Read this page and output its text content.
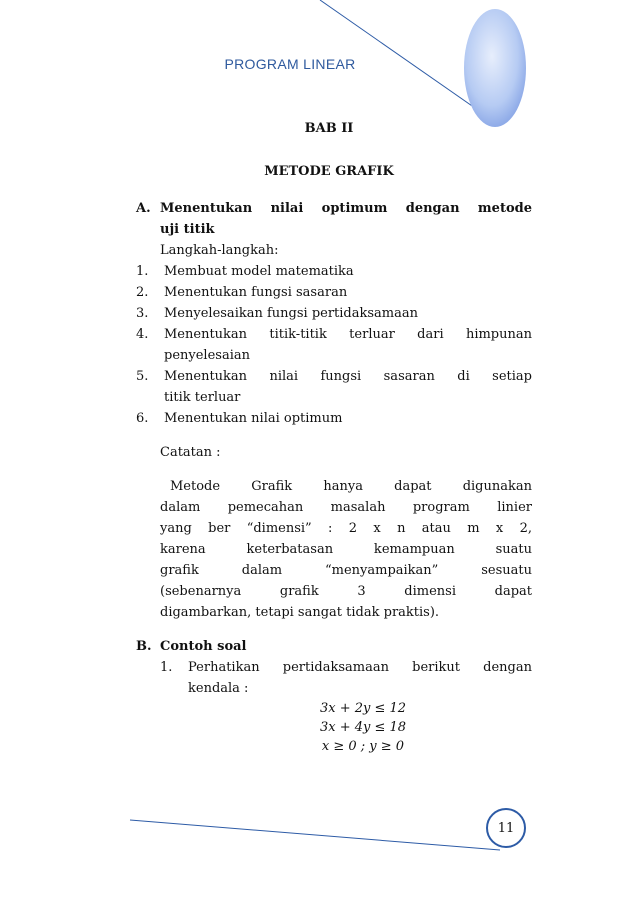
PROGRAM LINEAR
BAB II
METODE GRAFIK
A. Menentukan nilai optimum dengan metode
uji titik
Langkah-langkah:
1.	Membuat model matematika
2.	Menentukan fungsi sasaran
3.	Menyelesaikan fungsi pertidaksamaan
4.	Menentukan titik-titik terluar dari himpunan
penyelesaian
5.	Menentukan nilai fungsi sasaran di setiap
titik terluar
6.	Menentukan nilai optimum
Catatan :
Metode Grafik hanya dapat digunakan
dalam pemecahan masalah program linier
yang ber “dimensi” : 2 x n atau m x 2,
karena keterbatasan kemampuan suatu
grafik dalam “menyampaikan” sesuatu
(sebenarnya grafik 3 dimensi dapat
digambarkan, tetapi sangat tidak praktis).
B. Contoh soal
1.	Perhatikan pertidaksamaan berikut dengan
kendala :
3x + 2y ≤ 12
3x + 4y ≤ 18
x ≥ 0 ; y ≥ 0
11
